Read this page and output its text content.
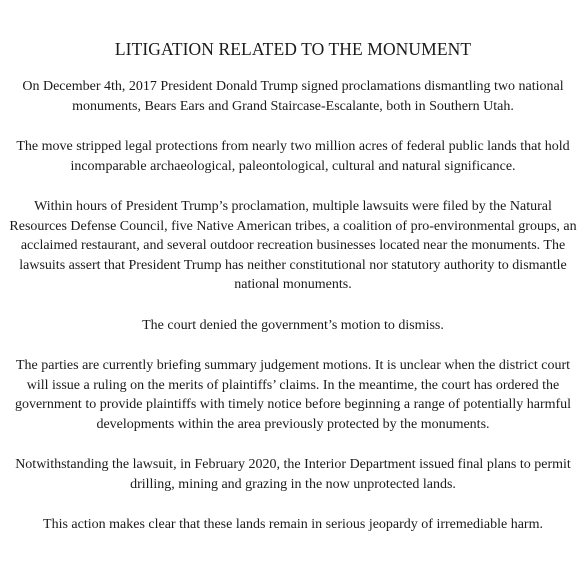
LITIGATION RELATED TO THE MONUMENT

On December 4th, 2017 President Donald Trump signed proclamations dismantling two national monuments, Bears Ears and Grand Staircase-Escalante, both in Southern Utah.

The move stripped legal protections from nearly two million acres of federal public lands that hold incomparable archaeological, paleontological, cultural and natural significance.

Within hours of President Trump’s proclamation, multiple lawsuits were filed by the Natural Resources Defense Council, five Native American tribes, a coalition of pro-environmental groups, an acclaimed restaurant, and several outdoor recreation businesses located near the monuments. The lawsuits assert that President Trump has neither constitutional nor statutory authority to dismantle national monuments.

The court denied the government’s motion to dismiss.

The parties are currently briefing summary judgement motions. It is unclear when the district court will issue a ruling on the merits of plaintiffs’ claims. In the meantime, the court has ordered the government to provide plaintiffs with timely notice before beginning a range of potentially harmful developments within the area previously protected by the monuments.

Notwithstanding the lawsuit, in February 2020, the Interior Department issued final plans to permit drilling, mining and grazing in the now unprotected lands.

This action makes clear that these lands remain in serious jeopardy of irremediable harm.
